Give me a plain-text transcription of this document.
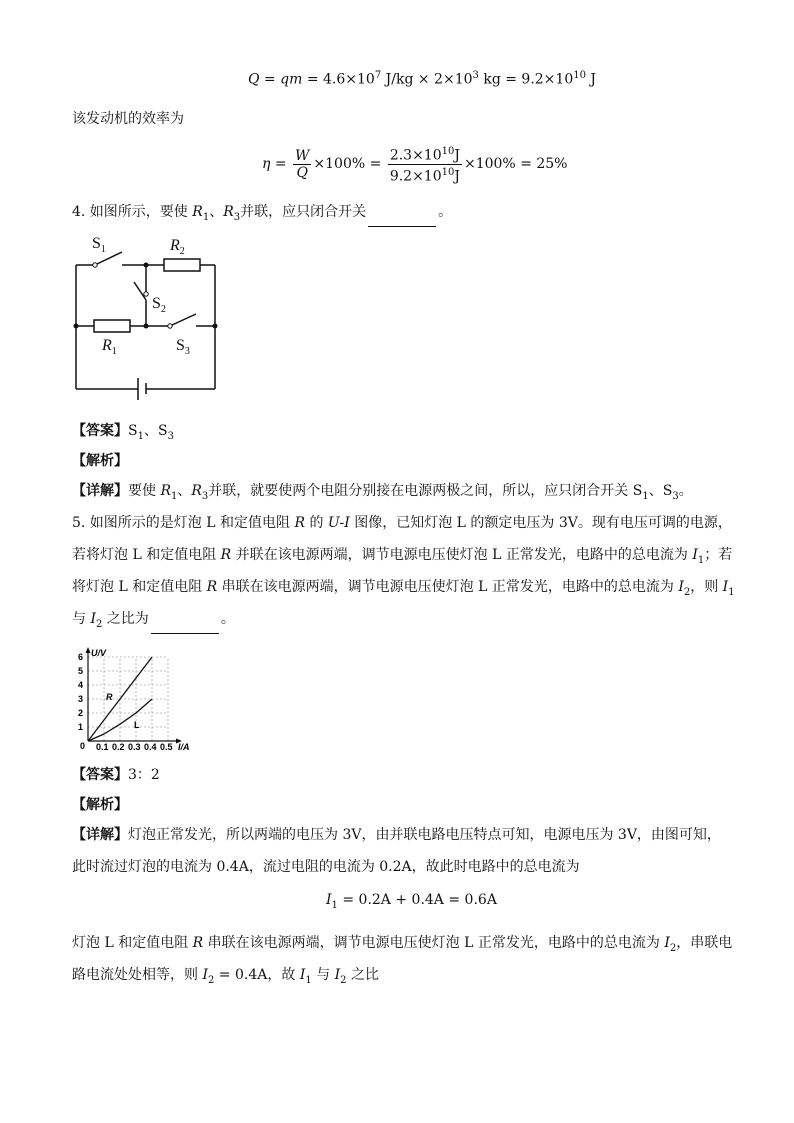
Q = qm = $4.6\times 10^7$ $J/kg \times 2\times 10^3$ kg = $9.2\times 10^{10}$ J
该发动机的效率为
$\eta = \frac{W}{Q} \times 100\% = \frac{2.3\times 10^{10}J}{9.2\times 10^{10}J} \times 100\% = 25\%$
4. 如图所示，要使 $R_1$、$R_3$并联，应只闭合开关	。
$S_1$	$R_2$
$S_2$
$R_1$	$S_3$
【答案】$S_1$、$S_3$
【解析】
【详解】要使 $R_1$、$R_3$并联，就要使两个电阻分别接在电源两极之间，所以，应只闭合开关 $S_1$、$S_3$。
5. 如图所示的是灯泡 L 和定值电阻 R 的 U-I 图像，已知灯泡 L 的额定电压为 3V。现有电压可调的电源，
若将灯泡 L 和定值电阻 R 并联在该电源两端，调节电源电压使灯泡 L 正常发光，电路中的总电流为 $I_1$；若
将灯泡 L 和定值电阻 R 串联在该电源两端，调节电源电压使灯泡 L 正常发光，电路中的总电流为 $I_2$，则 $I_1$
与 $I_2$ 之比为	。
U/V
I/A
0
1
2
3
4
5
6
0.1 0.2 0.3 0.4 0.5
R
L
【答案】3：2
【解析】
【详解】灯泡正常发光，所以两端的电压为 3V，由并联电路电压特点可知，电源电压为 3V，由图可知，
此时流过灯泡的电流为 0.4A，流过电阻的电流为 0.2A，故此时电路中的总电流为
$I_1 = 0.2A + 0.4A = 0.6A$
灯泡 L 和定值电阻 R 串联在该电源两端，调节电源电压使灯泡 L 正常发光，电路中的总电流为 $I_2$，串联电
路电流处处相等，则 $I_2 = 0.4A$，故 $I_1$ 与 $I_2$ 之比
